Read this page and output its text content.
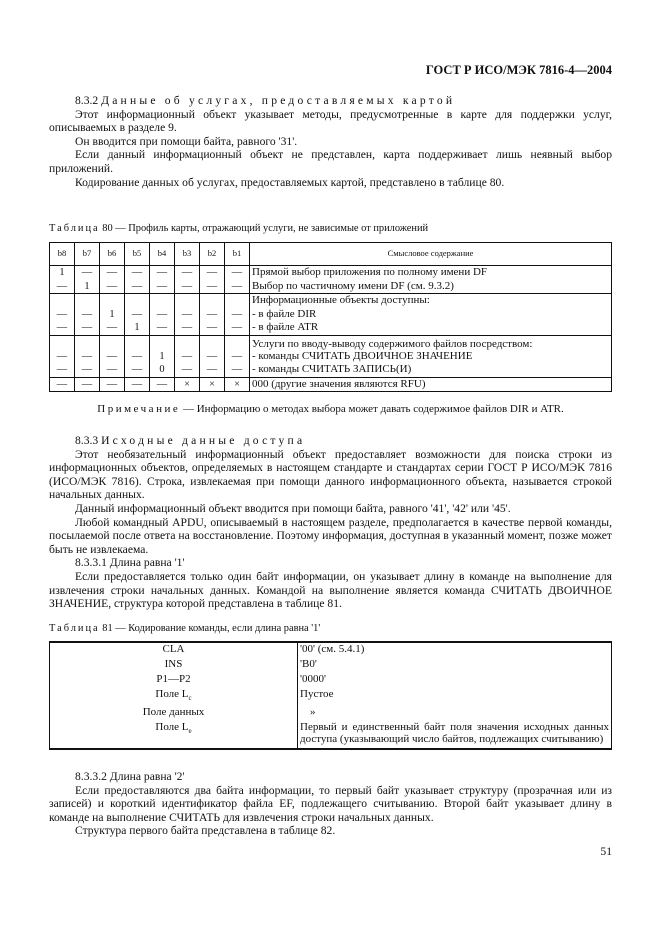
ГОСТ Р ИСО/МЭК 7816-4—2004

8.3.2 Данные об услугах, предоставляемых картой

Этот информационный объект указывает методы, предусмотренные в карте для поддержки услуг, описываемых в разделе 9.

Он вводится при помощи байта, равного '31'.

Если данный информационный объект не представлен, карта поддерживает лишь неявный выбор приложений.

Кодирование данных об услугах, предоставляемых картой, представлено в таблице 80.

Таблица 80 — Профиль карты, отражающий услуги, не зависимые от приложений
b8	b7	b6	b5	b4	b3	b2	b1	Смысловое содержание
1	—	—	—	—	—	—	—	Прямой выбор приложения по полному имени DF
—	1	—	—	—	—	—	—	Выбор по частичному имени DF (см. 9.3.2)
								Информационные объекты доступны:
—	—	1	—	—	—	—	—	- в файле DIR
—	—	—	1	—	—	—	—	- в файле ATR
								Услуги по вводу-выводу содержимого файлов посредством:
—	—	—	—	1	—	—	—	- команды СЧИТАТЬ ДВОИЧНОЕ ЗНАЧЕНИЕ
—	—	—	—	0	—	—	—	- команды СЧИТАТЬ ЗАПИСЬ(И)
—	—	—	—	—	×	×	×	000 (другие значения являются RFU)
Примечание — Информацию о методах выбора может давать содержимое файлов DIR и ATR.

8.3.3 Исходные данные доступа

Этот необязательный информационный объект предоставляет возможности для поиска строки из информационных объектов, определяемых в настоящем стандарте и стандартах серии ГОСТ Р ИСО/МЭК 7816 (ИСО/МЭК 7816). Строка, извлекаемая при помощи данного информационного объекта, называется строкой начальных данных.

Данный информационный объект вводится при помощи байта, равного '41', '42' или '45'.

Любой командный APDU, описываемый в настоящем разделе, предполагается в качестве первой команды, посылаемой после ответа на восстановление. Поэтому информация, доступная в указанный момент, позже может быть не извлекаема.

8.3.3.1 Длина равна '1'

Если предоставляется только один байт информации, он указывает длину в команде на выполнение для извлечения строки начальных данных. Командой на выполнение является команда СЧИТАТЬ ДВОИЧНОЕ ЗНАЧЕНИЕ, структура которой представлена в таблице 81.

Таблица 81 — Кодирование команды, если длина равна '1'
CLA	'00' (см. 5.4.1)
INS	'B0'
P1—P2	'0000'
Поле $L_c$	Пустое
Поле данных	»
Поле $L_e$	Первый и единственный байт поля значения исходных данных доступа (указывающий число байтов, подлежащих считыванию)

8.3.3.2 Длина равна '2'

Если предоставляются два байта информации, то первый байт указывает структуру (прозрачная или из записей) и короткий идентификатор файла EF, подлежащего считыванию. Второй байт указывает длину в команде на выполнение СЧИТАТЬ для извлечения строки начальных данных.

Структура первого байта представлена в таблице 82.

51
